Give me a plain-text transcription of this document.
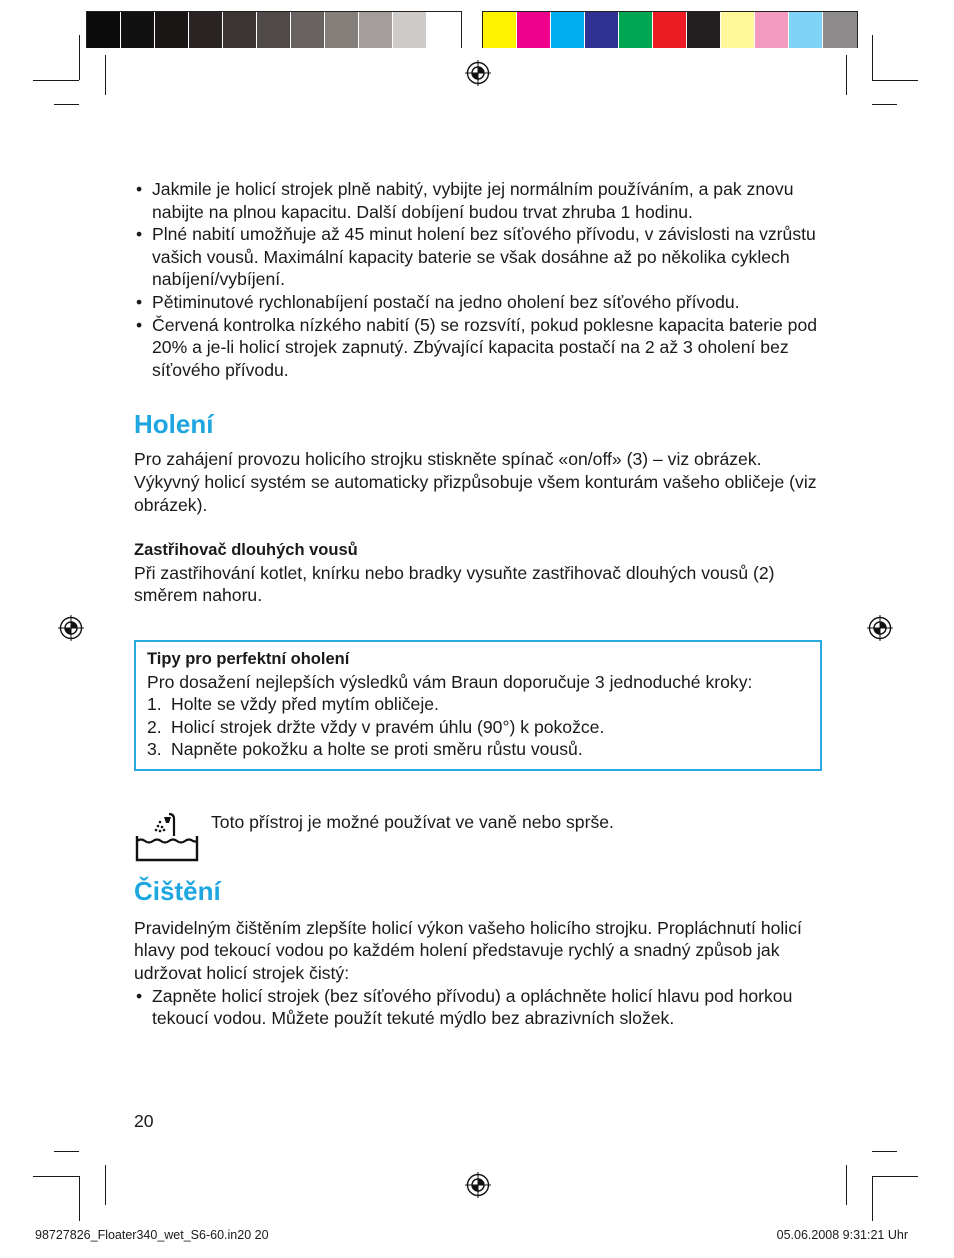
• Jakmile je holicí strojek plně nabitý, vybijte jej normálním používáním, a pak znovu nabijte na plnou kapacitu. Další dobíjení budou trvat zhruba 1 hodinu.
• Plné nabití umožňuje až 45 minut holení bez síťového přívodu, v závislosti na vzrůstu vašich vousů. Maximální kapacity baterie se však dosáhne až po několika cyklech nabíjení/vybíjení.
• Pětiminutové rychlonabíjení postačí na jedno oholení bez síťového přívodu.
• Červená kontrolka nízkého nabití (5) se rozsvítí, pokud poklesne kapacita baterie pod 20% a je-li holicí strojek zapnutý. Zbývající kapacita postačí na 2 až 3 oholení bez síťového přívodu.
Holení

Pro zahájení provozu holicího strojku stiskněte spínač «on/off» (3) – viz obrázek.

Výkyvný holicí systém se automaticky přizpůsobuje všem konturám vašeho obličeje (viz obrázek).

Zastřihovač dlouhých vousů

Při zastřihování kotlet, knírku nebo bradky vysuňte zastřihovač dlouhých vousů (2) směrem nahoru.

Tipy pro perfektní oholení

Pro dosažení nejlepších výsledků vám Braun doporučuje 3 jednoduché kroky:

1. Holte se vždy před mytím obličeje.
2. Holicí strojek držte vždy v pravém úhlu (90°) k pokožce.
3. Napněte pokožku a holte se proti směru růstu vousů.
Toto přístroj je možné používat ve vaně nebo sprše.
Čištění

Pravidelným čištěním zlepšíte holicí výkon vašeho holicího strojku. Propláchnutí holicí hlavy pod tekoucí vodou po každém holení představuje rychlý a snadný způsob jak udržovat holicí strojek čistý:

• Zapněte holicí strojek (bez síťového přívodu) a opláchněte holicí hlavu pod horkou tekoucí vodou. Můžete použít tekuté mýdlo bez abrazivních složek.
20
98727826_Floater340_wet_S6-60.in20 20	05.06.2008 9:31:21 Uhr
